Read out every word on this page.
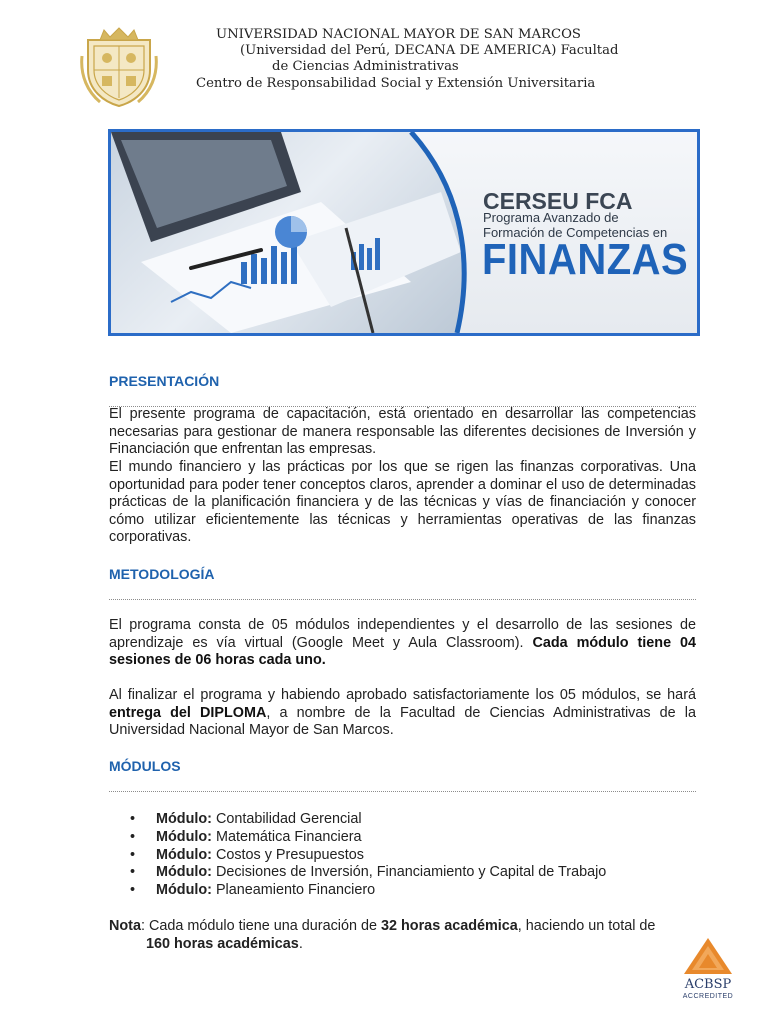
UNIVERSIDAD NACIONAL MAYOR DE SAN MARCOS
(Universidad del Perú, DECANA DE AMERICA) Facultad
de Ciencias Administrativas
Centro de Responsabilidad Social y Extensión Universitaria
CERSEU FCA
Programa Avanzado de
Formación de Competencias en
FINANZAS
PRESENTACIÓN

El presente programa de capacitación, está orientado en desarrollar las competencias necesarias para gestionar de manera responsable las diferentes decisiones de Inversión y Financiación que enfrentan las empresas.

El mundo financiero y las prácticas por los que se rigen las finanzas corporativas. Una oportunidad para poder tener conceptos claros, aprender a dominar el uso de determinadas prácticas de la planificación financiera y de las técnicas y vías de financiación y conocer cómo utilizar eficientemente las técnicas y herramientas operativas de las finanzas corporativas.

METODOLOGÍA

El programa consta de 05 módulos independientes y el desarrollo de las sesiones de aprendizaje es vía virtual (Google Meet y Aula Classroom). Cada módulo tiene 04 sesiones de 06 horas cada uno.

Al finalizar el programa y habiendo aprobado satisfactoriamente los 05 módulos, se hará entrega del DIPLOMA, a nombre de la Facultad de Ciencias Administrativas de la Universidad Nacional Mayor de San Marcos.

MÓDULOS
• Módulo: Contabilidad Gerencial
• Módulo: Matemática Financiera
• Módulo: Costos y Presupuestos
• Módulo: Decisiones de Inversión, Financiamiento y Capital de Trabajo
• Módulo: Planeamiento Financiero
Nota: Cada módulo tiene una duración de 32 horas académica, haciendo un total de
160 horas académicas.
ACBSP
ACCREDITED
